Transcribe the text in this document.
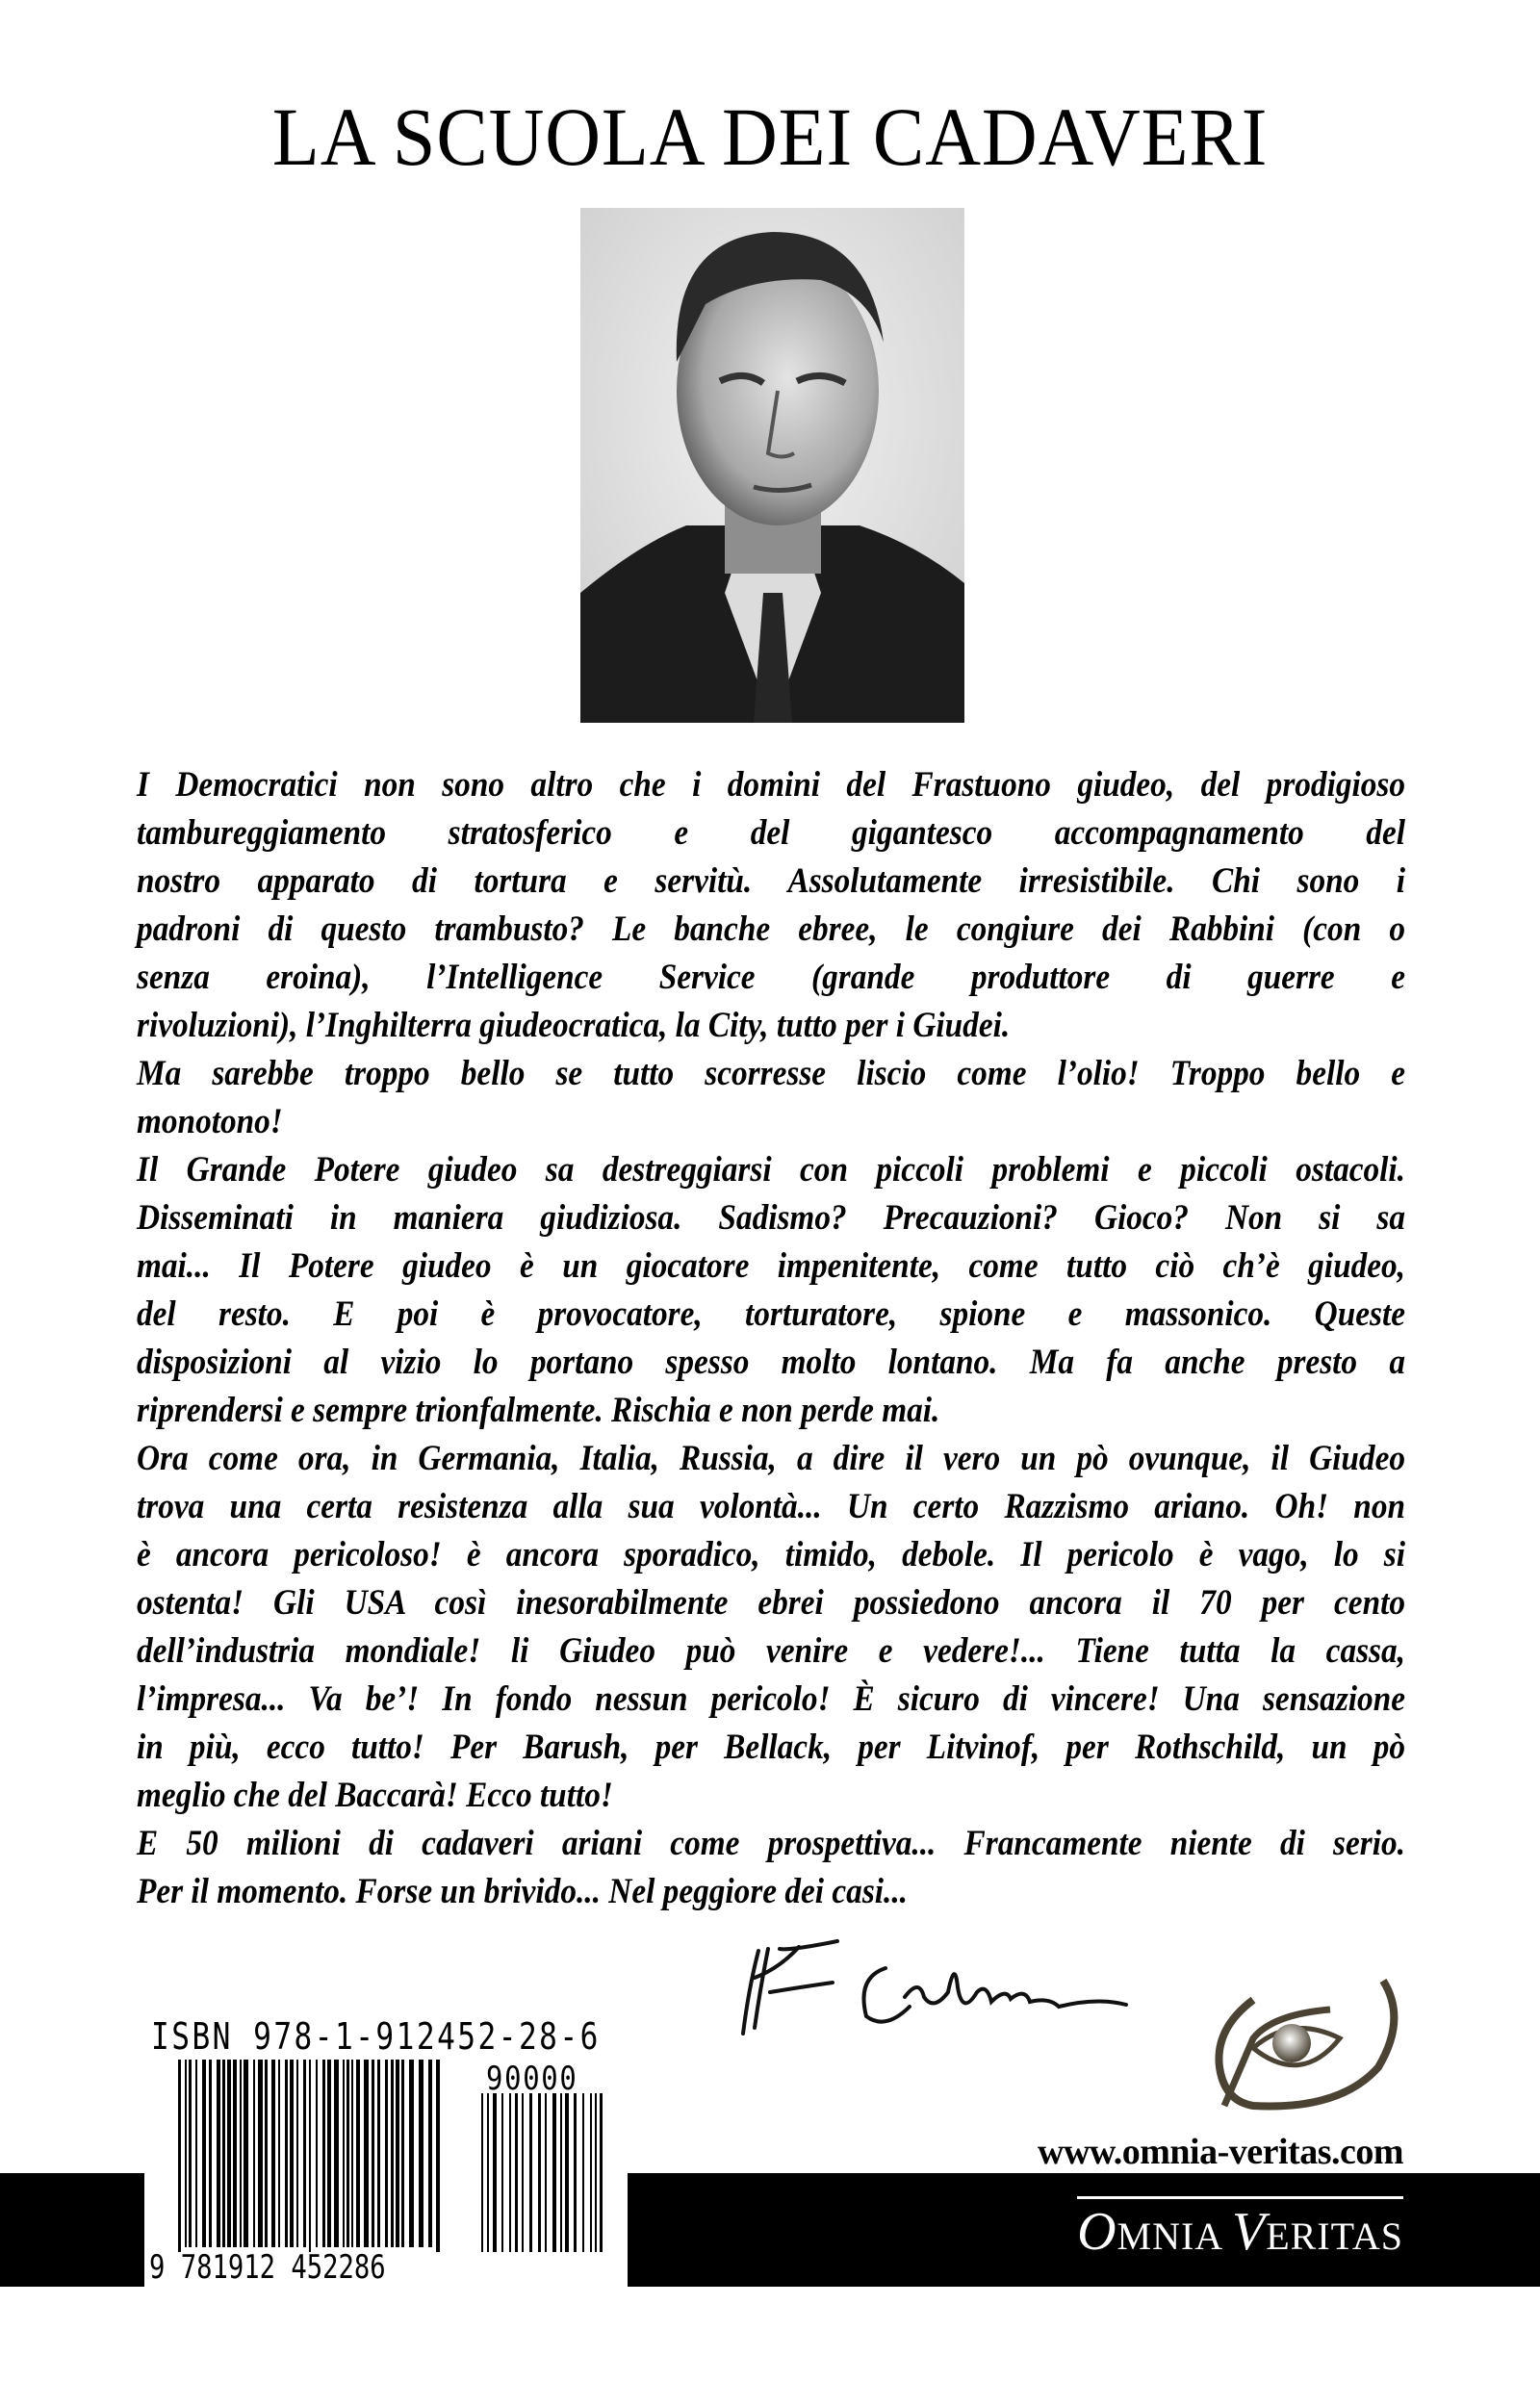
LA SCUOLA DEI CADAVERI
I Democratici non sono altro che i domini del Frastuono giudeo, del prodigioso
tambureggiamento stratosferico e del gigantesco accompagnamento del
nostro apparato di tortura e servitù. Assolutamente irresistibile. Chi sono i
padroni di questo trambusto? Le banche ebree, le congiure dei Rabbini (con o
senza eroina), l’Intelligence Service (grande produttore di guerre e
rivoluzioni), l’Inghilterra giudeocratica, la City, tutto per i Giudei.
Ma sarebbe troppo bello se tutto scorresse liscio come l’olio! Troppo bello e
monotono!
Il Grande Potere giudeo sa destreggiarsi con piccoli problemi e piccoli ostacoli.
Disseminati in maniera giudiziosa. Sadismo? Precauzioni? Gioco? Non si sa
mai... Il Potere giudeo è un giocatore impenitente, come tutto ciò ch’è giudeo,
del resto. E poi è provocatore, torturatore, spione e massonico. Queste
disposizioni al vizio lo portano spesso molto lontano. Ma fa anche presto a
riprendersi e sempre trionfalmente. Rischia e non perde mai.
Ora come ora, in Germania, Italia, Russia, a dire il vero un pò ovunque, il Giudeo
trova una certa resistenza alla sua volontà... Un certo Razzismo ariano. Oh! non
è ancora pericoloso! è ancora sporadico, timido, debole. Il pericolo è vago, lo si
ostenta! Gli USA così inesorabilmente ebrei possiedono ancora il 70 per cento
dell’industria mondiale! li Giudeo può venire e vedere!... Tiene tutta la cassa,
l’impresa... Va be’! In fondo nessun pericolo! È sicuro di vincere! Una sensazione
in più, ecco tutto! Per Barush, per Bellack, per Litvinof, per Rothschild, un pò
meglio che del Baccarà! Ecco tutto!
E 50 milioni di cadaveri ariani come prospettiva... Francamente niente di serio.
Per il momento. Forse un brivido... Nel peggiore dei casi...
ISBN 978-1-912452-28-6
90000
9 781912 452286
www.omnia-veritas.com
OMNIA VERITAS
